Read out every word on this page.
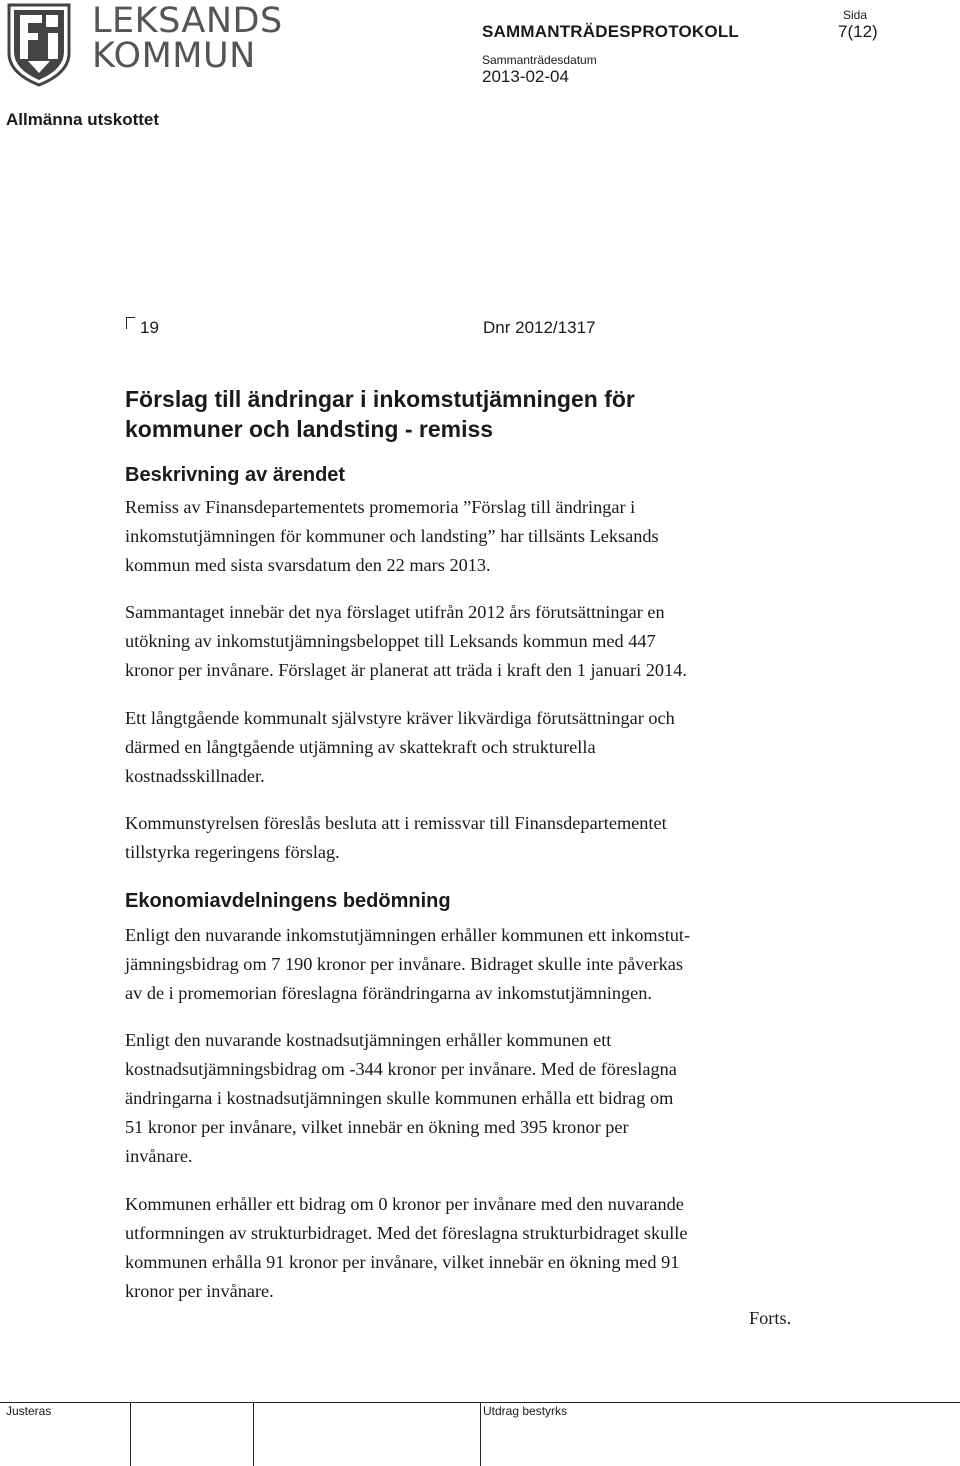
LEKSANDS
KOMMUN
SAMMANTRÄDESPROTOKOLL
Sammanträdesdatum
2013-02-04
Sida
7(12)
Allmänna utskottet
19	Dnr 2012/1317
Förslag till ändringar i inkomstutjämningen för
kommuner och landsting - remiss
Beskrivning av ärendet
Remiss av Finansdepartementets promemoria ”Förslag till ändringar i
inkomstutjämningen för kommuner och landsting” har tillsänts Leksands
kommun med sista svarsdatum den 22 mars 2013.
Sammantaget innebär det nya förslaget utifrån 2012 års förutsättningar en
utökning av inkomstutjämningsbeloppet till Leksands kommun med 447
kronor per invånare. Förslaget är planerat att träda i kraft den 1 januari 2014.
Ett långtgående kommunalt självstyre kräver likvärdiga förutsättningar och
därmed en långtgående utjämning av skattekraft och strukturella
kostnadsskillnader.
Kommunstyrelsen föreslås besluta att i remissvar till Finansdepartementet
tillstyrka regeringens förslag.
Ekonomiavdelningens bedömning
Enligt den nuvarande inkomstutjämningen erhåller kommunen ett inkomstut-
jämningsbidrag om 7 190 kronor per invånare. Bidraget skulle inte påverkas
av de i promemorian föreslagna förändringarna av inkomstutjämningen.
Enligt den nuvarande kostnadsutjämningen erhåller kommunen ett
kostnadsutjämningsbidrag om -344 kronor per invånare. Med de föreslagna
ändringarna i kostnadsutjämningen skulle kommunen erhålla ett bidrag om
51 kronor per invånare, vilket innebär en ökning med 395 kronor per
invånare.
Kommunen erhåller ett bidrag om 0 kronor per invånare med den nuvarande
utformningen av strukturbidraget. Med det föreslagna strukturbidraget skulle
kommunen erhålla 91 kronor per invånare, vilket innebär en ökning med 91
kronor per invånare.
Forts.
Justeras	Utdrag bestyrks
